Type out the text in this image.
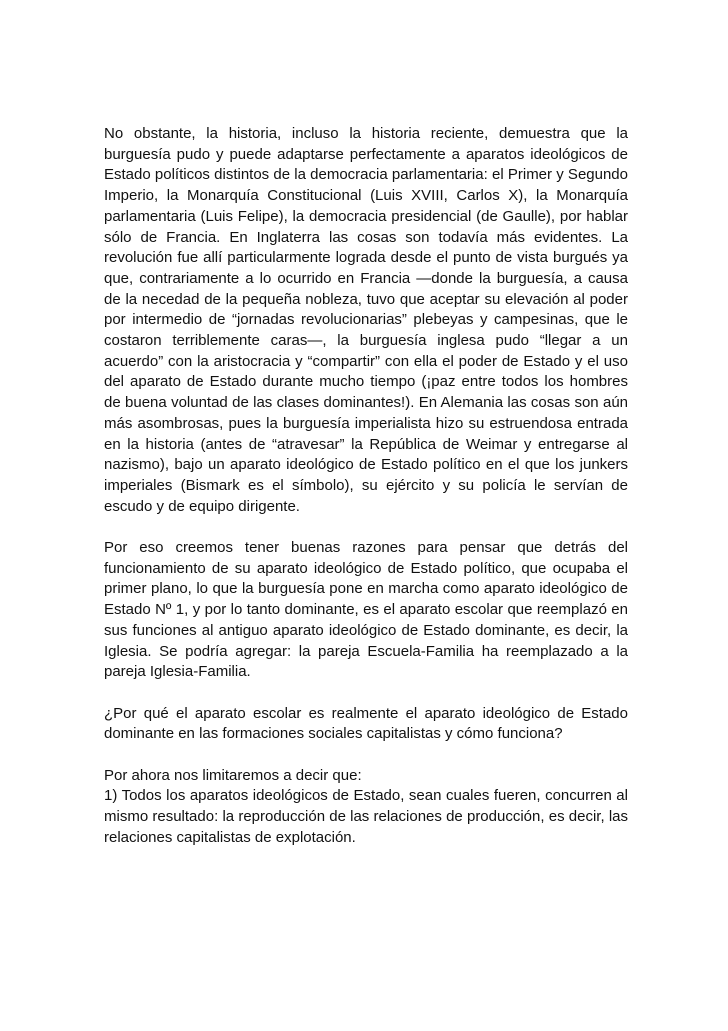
No obstante, la historia, incluso la historia reciente, demuestra que la burguesía pudo y puede adaptarse perfectamente a aparatos ideológicos de Estado políticos distintos de la democracia parlamentaria: el Primer y Segundo Imperio, la Monarquía Constitucional (Luis XVIII, Carlos X), la Monarquía parlamentaria (Luis Felipe), la democracia presidencial (de Gaulle), por hablar sólo de Francia. En Inglaterra las cosas son todavía más evidentes. La revolución fue allí particularmente lograda desde el punto de vista burgués ya que, contrariamente a lo ocurrido en Francia —donde la burguesía, a causa de la necedad de la pequeña nobleza, tuvo que aceptar su elevación al poder por intermedio de “jornadas revolucionarias” plebeyas y campesinas, que le costaron terriblemente caras—, la burguesía inglesa pudo “llegar a un acuerdo” con la aristocracia y “compartir” con ella el poder de Estado y el uso del aparato de Estado durante mucho tiempo (¡paz entre todos los hombres de buena voluntad de las clases dominantes!). En Alemania las cosas son aún más asombrosas, pues la burguesía imperialista hizo su estruendosa entrada en la historia (antes de “atravesar” la República de Weimar y entregarse al nazismo), bajo un aparato ideológico de Estado político en el que los junkers imperiales (Bismark es el símbolo), su ejército y su policía le servían de escudo y de equipo dirigente.

Por eso creemos tener buenas razones para pensar que detrás del funcionamiento de su aparato ideológico de Estado político, que ocupaba el primer plano, lo que la burguesía pone en marcha como aparato ideológico de Estado Nº 1, y por lo tanto dominante, es el aparato escolar que reemplazó en sus funciones al antiguo aparato ideológico de Estado dominante, es decir, la Iglesia. Se podría agregar: la pareja Escuela-Familia ha reemplazado a la pareja Iglesia-Familia.

¿Por qué el aparato escolar es realmente el aparato ideológico de Estado dominante en las formaciones sociales capitalistas y cómo funciona?

Por ahora nos limitaremos a decir que:
1) Todos los aparatos ideológicos de Estado, sean cuales fueren, concurren al mismo resultado: la reproducción de las relaciones de producción, es decir, las relaciones capitalistas de explotación.
